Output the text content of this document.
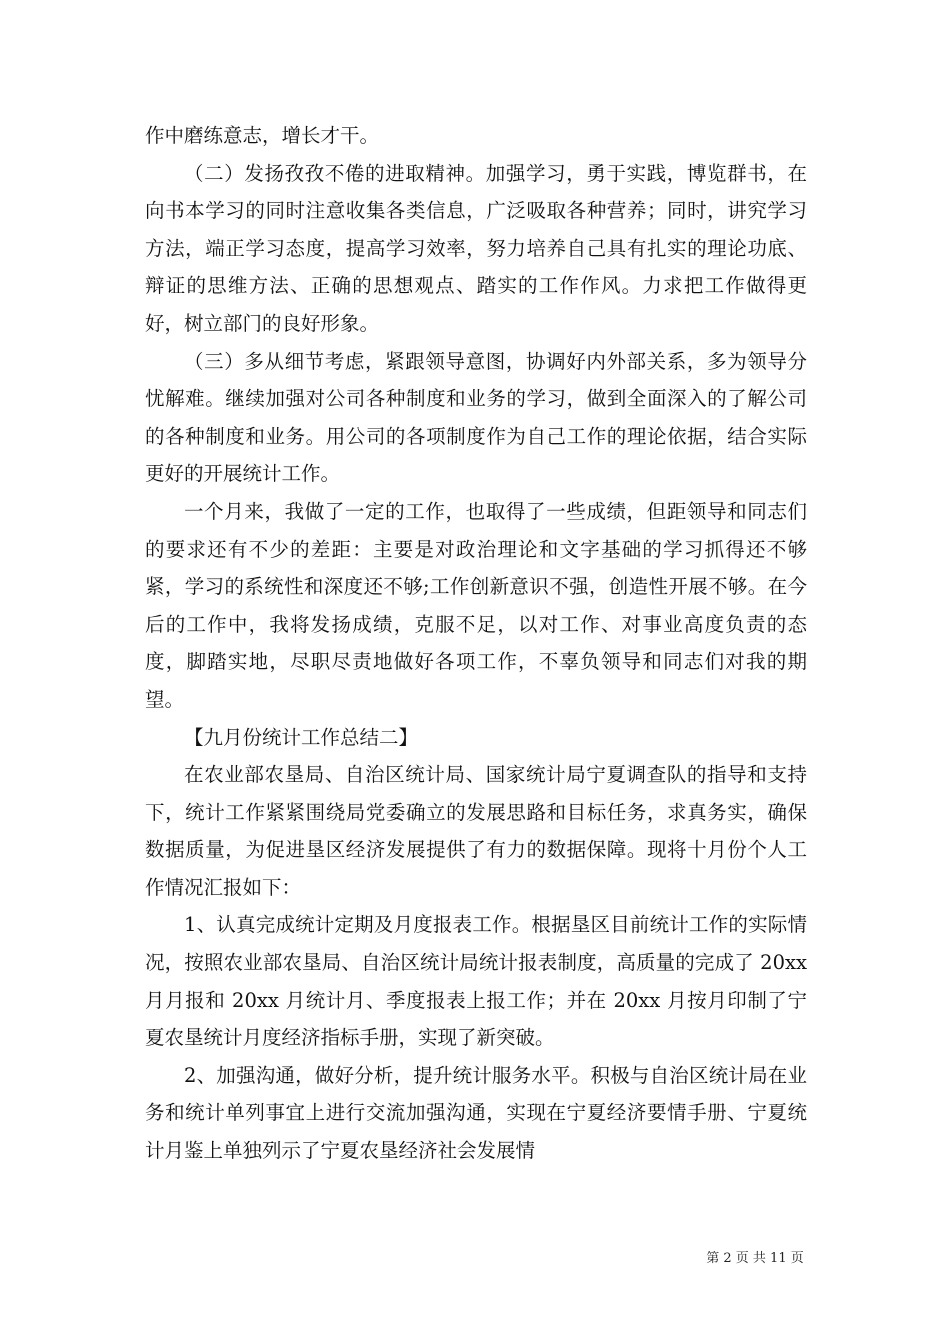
作中磨练意志，增长才干。

（二）发扬孜孜不倦的进取精神。加强学习，勇于实践，博览群书，在向书本学习的同时注意收集各类信息，广泛吸取各种营养；同时，讲究学习方法，端正学习态度，提高学习效率，努力培养自己具有扎实的理论功底、辩证的思维方法、正确的思想观点、踏实的工作作风。力求把工作做得更好，树立部门的良好形象。

（三）多从细节考虑，紧跟领导意图，协调好内外部关系，多为领导分忧解难。继续加强对公司各种制度和业务的学习，做到全面深入的了解公司的各种制度和业务。用公司的各项制度作为自己工作的理论依据，结合实际更好的开展统计工作。

一个月来，我做了一定的工作，也取得了一些成绩，但距领导和同志们的要求还有不少的差距：主要是对政治理论和文字基础的学习抓得还不够紧，学习的系统性和深度还不够;工作创新意识不强，创造性开展不够。在今后的工作中，我将发扬成绩，克服不足，以对工作、对事业高度负责的态度，脚踏实地，尽职尽责地做好各项工作，不辜负领导和同志们对我的期望。

【九月份统计工作总结二】

在农业部农垦局、自治区统计局、国家统计局宁夏调查队的指导和支持下，统计工作紧紧围绕局党委确立的发展思路和目标任务，求真务实，确保数据质量，为促进垦区经济发展提供了有力的数据保障。现将十月份个人工作情况汇报如下：

1、认真完成统计定期及月度报表工作。根据垦区目前统计工作的实际情况，按照农业部农垦局、自治区统计局统计报表制度，高质量的完成了 20xx 月月报和 20xx 月统计月、季度报表上报工作；并在 20xx 月按月印制了宁夏农垦统计月度经济指标手册，实现了新突破。

2、加强沟通，做好分析，提升统计服务水平。积极与自治区统计局在业务和统计单列事宜上进行交流加强沟通，实现在宁夏经济要情手册、宁夏统计月鉴上单独列示了宁夏农垦经济社会发展情

第 2 页 共 11 页
